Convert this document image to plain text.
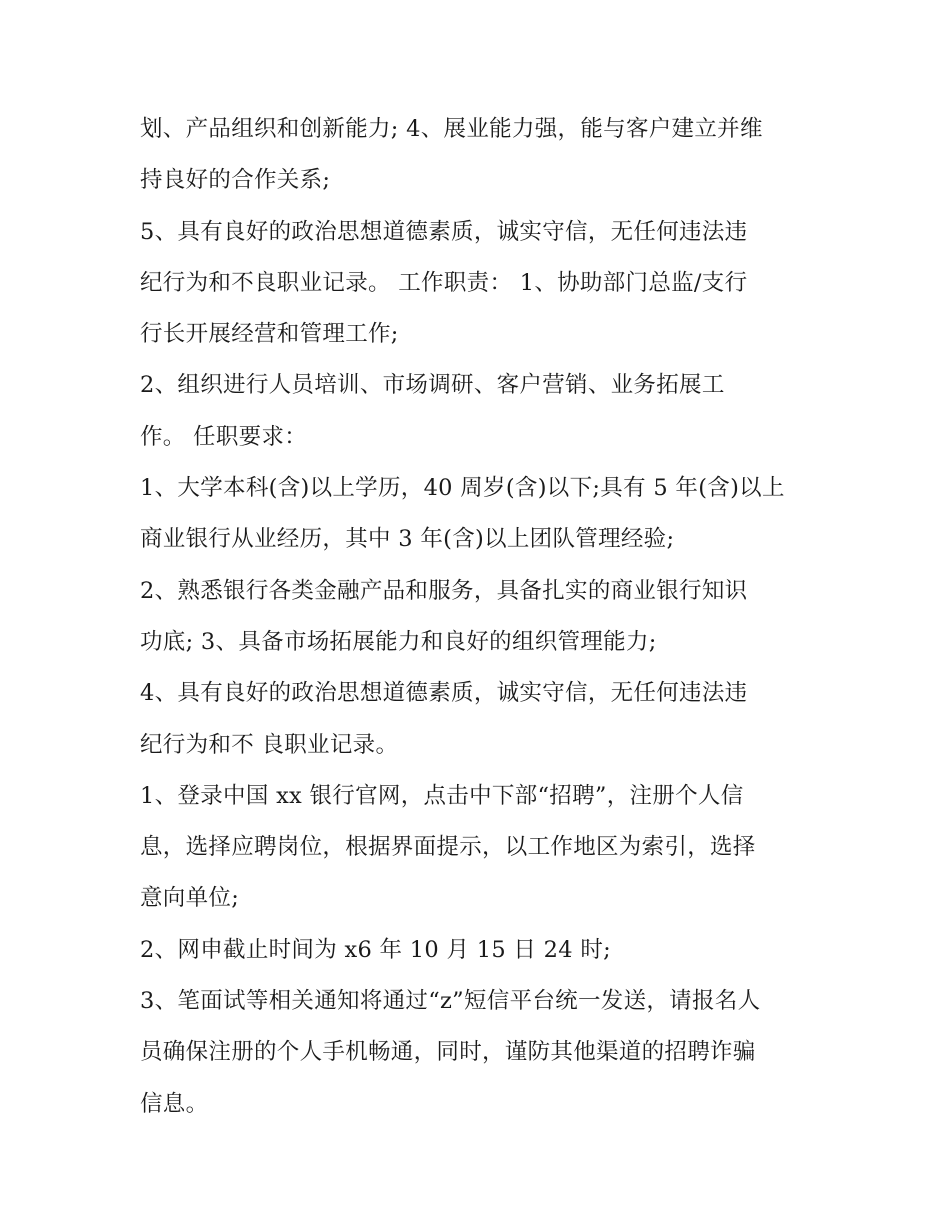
划、产品组织和创新能力; 4、展业能力强，能与客户建立并维
持良好的合作关系;
5、具有良好的政治思想道德素质，诚实守信，无任何违法违
纪行为和不良职业记录。 工作职责： 1、协助部门总监/支行
行长开展经营和管理工作;
2、组织进行人员培训、市场调研、客户营销、业务拓展工
作。 任职要求：
1、大学本科(含)以上学历，40 周岁(含)以下;具有 5 年(含)以上
商业银行从业经历，其中 3 年(含)以上团队管理经验;
2、熟悉银行各类金融产品和服务，具备扎实的商业银行知识
功底; 3、具备市场拓展能力和良好的组织管理能力;
4、具有良好的政治思想道德素质，诚实守信，无任何违法违
纪行为和不 良职业记录。
1、登录中国 xx 银行官网，点击中下部“招聘”，注册个人信
息，选择应聘岗位，根据界面提示，以工作地区为索引，选择
意向单位;
2、网申截止时间为 x6 年 10 月 15 日 24 时;
3、笔面试等相关通知将通过“z”短信平台统一发送，请报名人
员确保注册的个人手机畅通，同时，谨防其他渠道的招聘诈骗
信息。
